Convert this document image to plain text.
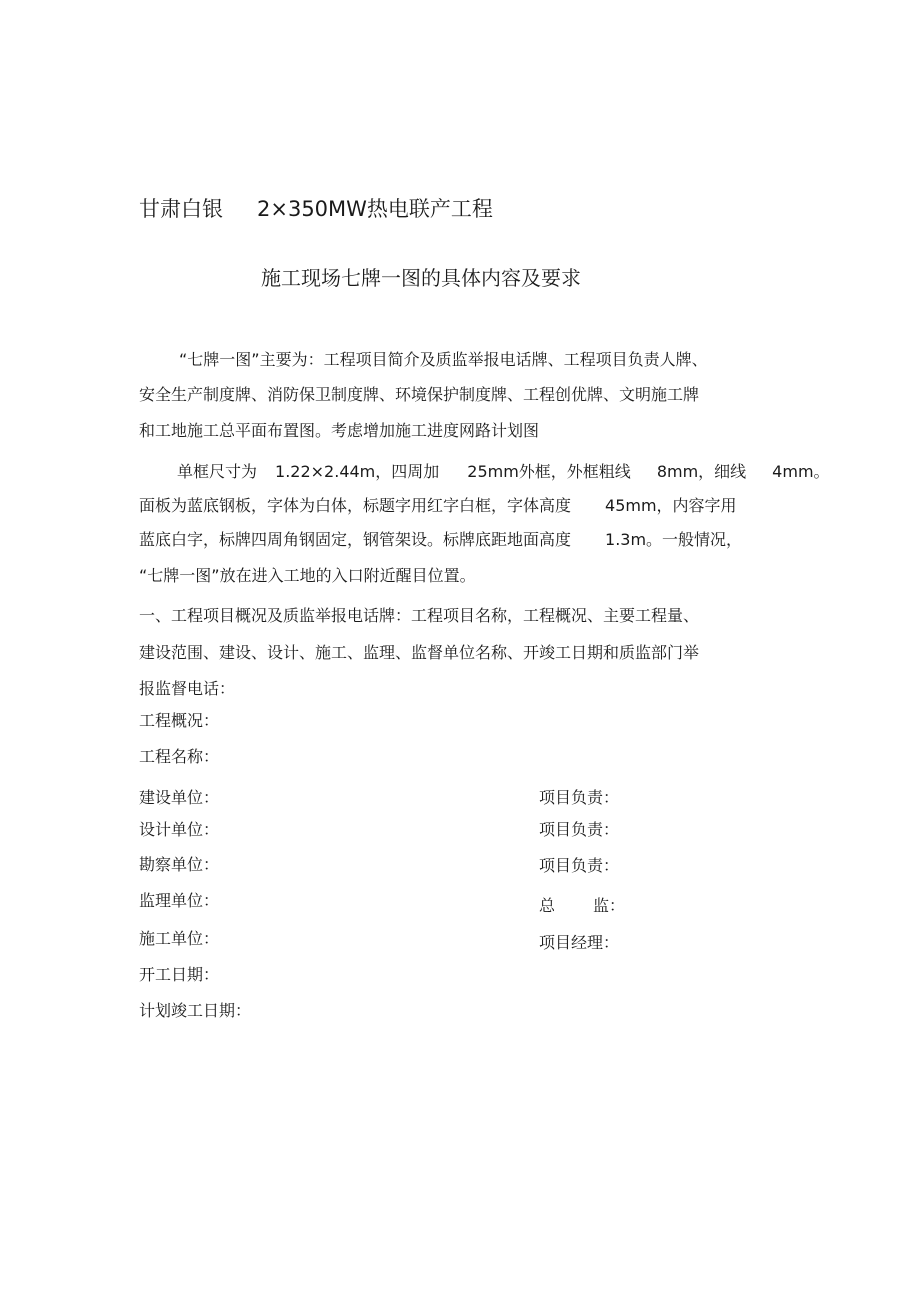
甘肃白银 2×350MW热电联产工程
施工现场七牌一图的具体内容及要求
“七牌一图”主要为：工程项目简介及质监举报电话牌、工程项目负责人牌、
安全生产制度牌、消防保卫制度牌、环境保护制度牌、工程创优牌、文明施工牌
和工地施工总平面布置图。考虑增加施工进度网路计划图
单框尺寸为 1.22×2.44m，四周加 25mm外框，外框粗线 8mm，细线 4mm。
面板为蓝底钢板，字体为白体，标题字用红字白框，字体高度 45mm，内容字用
蓝底白字，标牌四周角钢固定，钢管架设。标牌底距地面高度 1.3m。一般情况，
“七牌一图”放在进入工地的入口附近醒目位置。
一、工程项目概况及质监举报电话牌：工程项目名称，工程概况、主要工程量、
建设范围、建设、设计、施工、监理、监督单位名称、开竣工日期和质监部门举
报监督电话：
工程概况：
工程名称：
建设单位：	项目负责：
设计单位：	项目负责：
勘察单位：	项目负责：
监理单位：	总 监：
施工单位：	项目经理：
开工日期：
计划竣工日期：
